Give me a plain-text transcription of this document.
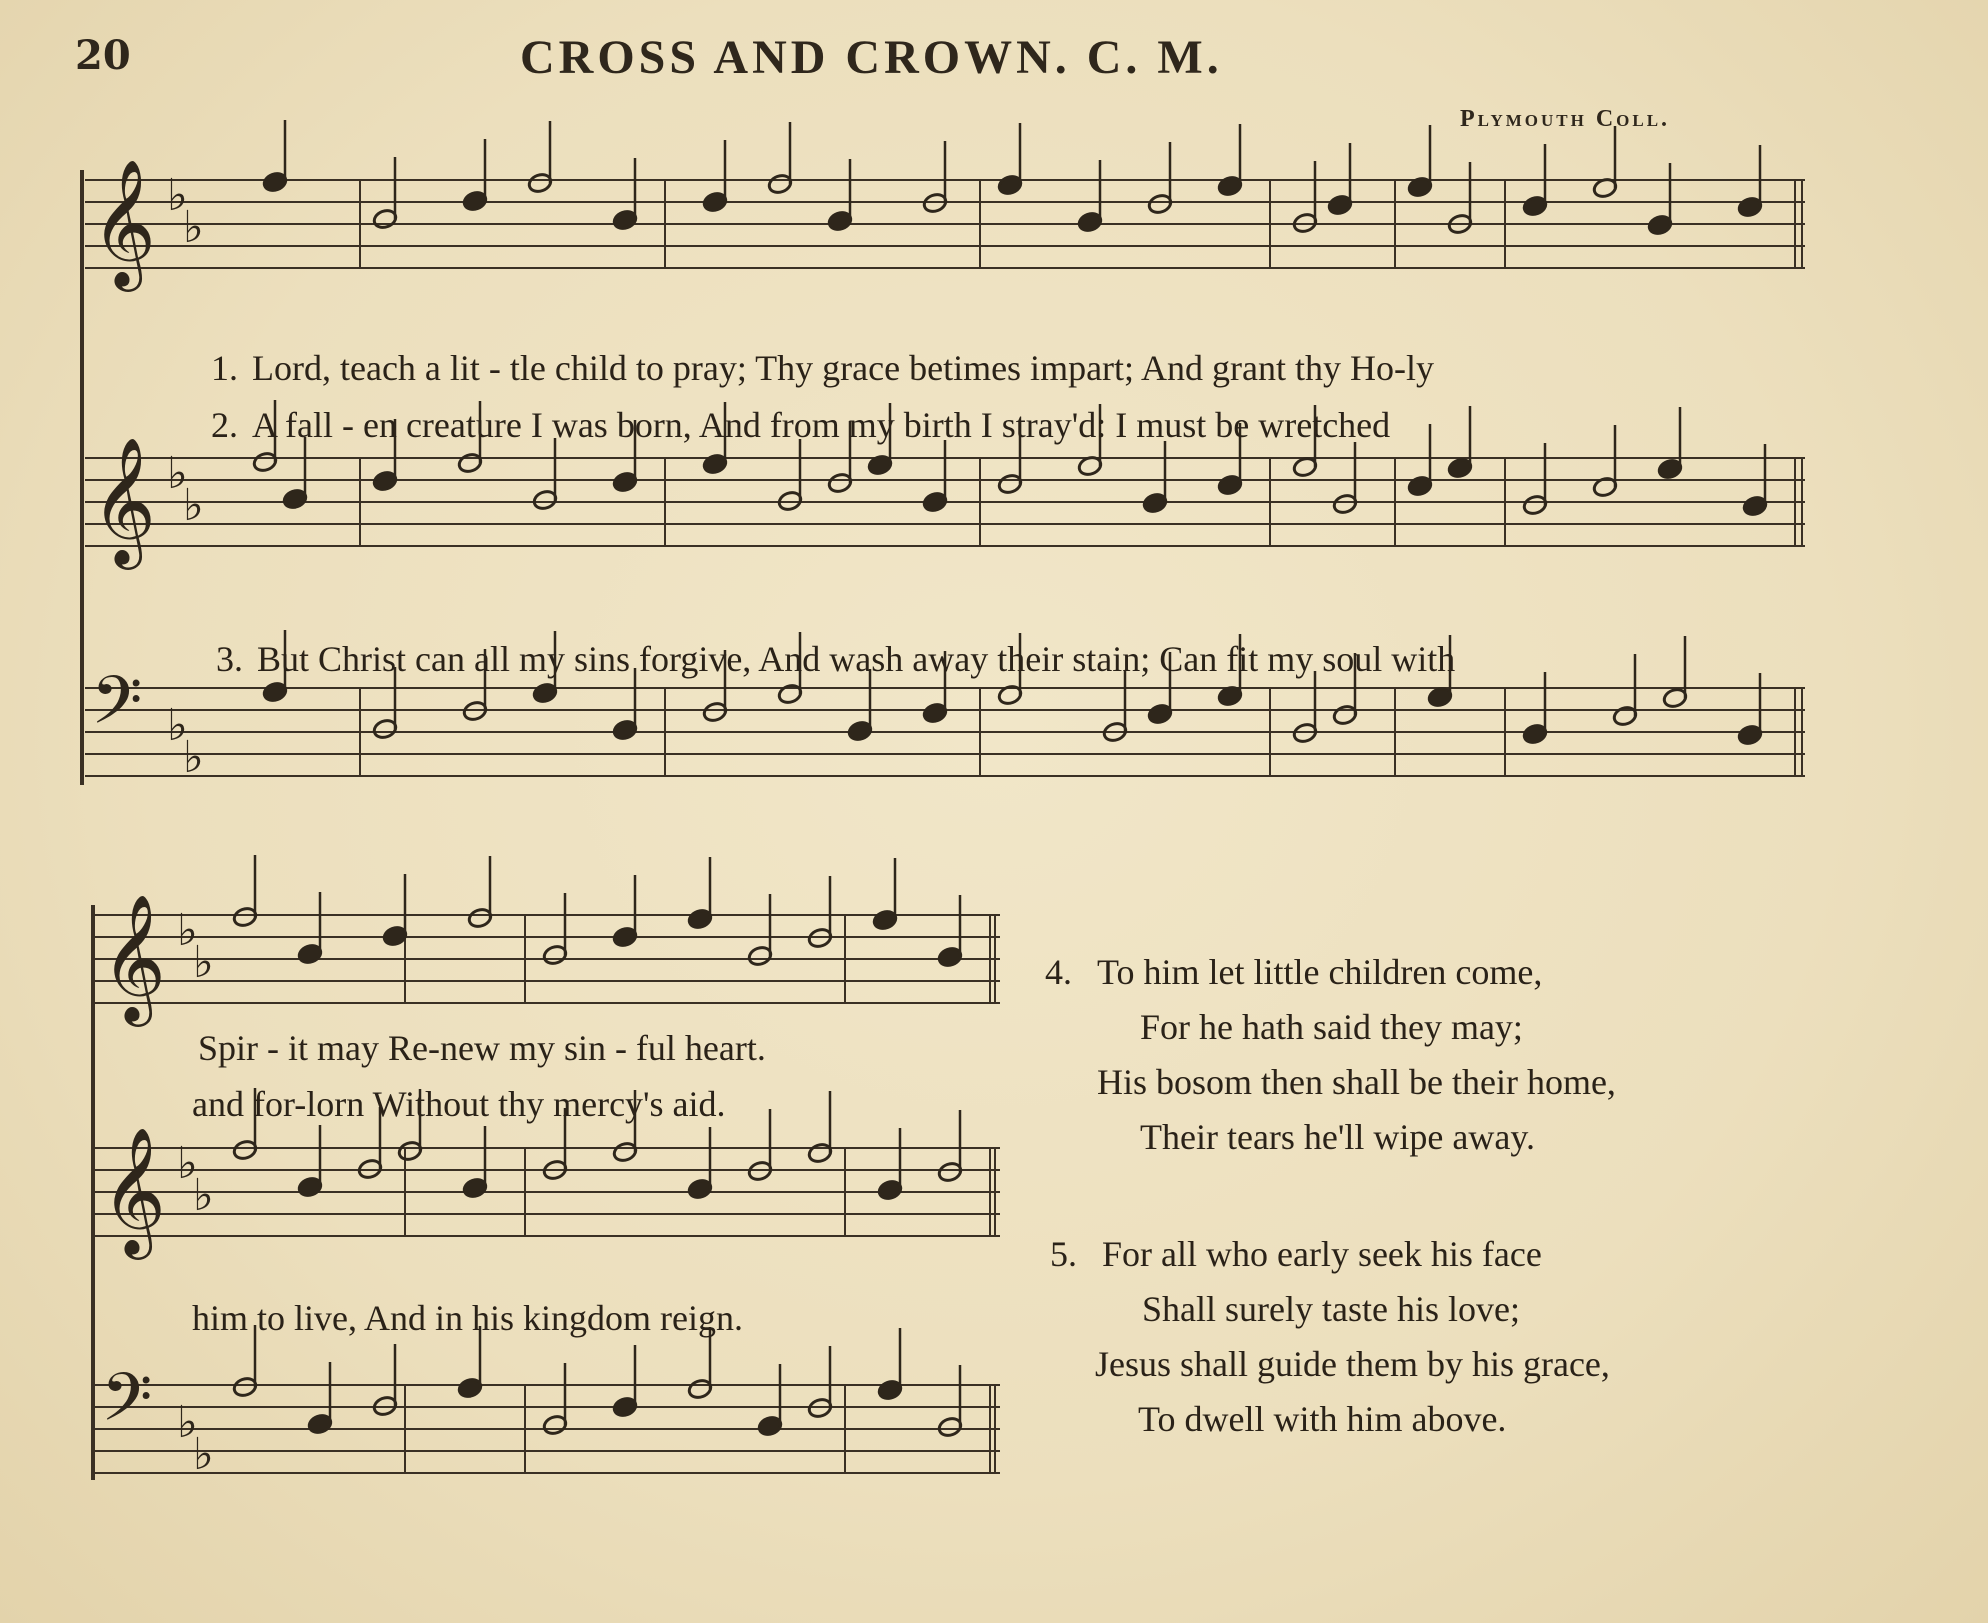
20	CROSS AND CROWN. C. M.
Plymouth Coll.
𝄞 ♭
♭
𝄞 ♭
♭
𝄢 ♭
♭
𝄞 ♭
♭
𝄞 ♭
♭
𝄢 ♭
♭

1. Lord, teach a lit - tle child to pray; Thy grace betimes impart; And grant thy Ho-ly

2. A fall - en creature I was born, And from my birth I stray'd: I must be wretched

3. But Christ can all my sins forgive, And wash away their stain; Can fit my soul with

Spir - it may Re-new my sin - ful heart.
and for-lorn Without thy mercy's aid.
him to live, And in his kingdom reign.
4. To him let little children come,
For he hath said they may;
His bosom then shall be their home,
Their tears he'll wipe away.
5. For all who early seek his face
Shall surely taste his love;
Jesus shall guide them by his grace,
To dwell with him above.
